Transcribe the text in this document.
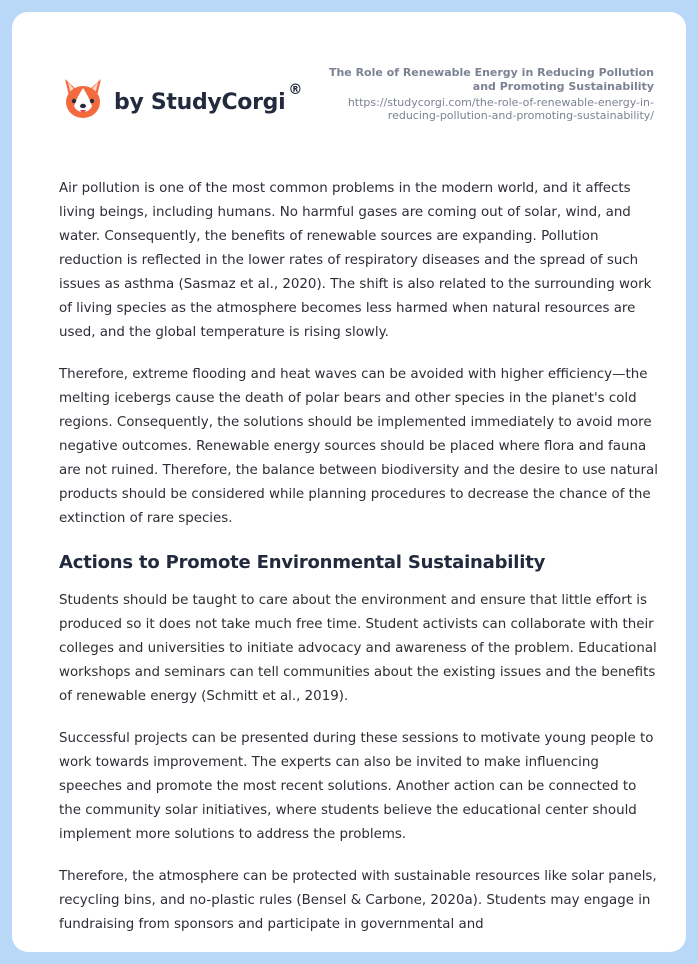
by StudyCorgi ®
The Role of Renewable Energy in Reducing Pollution and Promoting Sustainability
https://studycorgi.com/the-role-of-renewable-energy-in-reducing-pollution-and-promoting-sustainability/

Air pollution is one of the most common problems in the modern world, and it affects living beings, including humans. No harmful gases are coming out of solar, wind, and water. Consequently, the benefits of renewable sources are expanding. Pollution reduction is reflected in the lower rates of respiratory diseases and the spread of such issues as asthma (Sasmaz et al., 2020). The shift is also related to the surrounding work of living species as the atmosphere becomes less harmed when natural resources are used, and the global temperature is rising slowly.

Therefore, extreme flooding and heat waves can be avoided with higher efficiency—the melting icebergs cause the death of polar bears and other species in the planet's cold regions. Consequently, the solutions should be implemented immediately to avoid more negative outcomes. Renewable energy sources should be placed where flora and fauna are not ruined. Therefore, the balance between biodiversity and the desire to use natural products should be considered while planning procedures to decrease the chance of the extinction of rare species.

Actions to Promote Environmental Sustainability

Students should be taught to care about the environment and ensure that little effort is produced so it does not take much free time. Student activists can collaborate with their colleges and universities to initiate advocacy and awareness of the problem. Educational workshops and seminars can tell communities about the existing issues and the benefits of renewable energy (Schmitt et al., 2019).

Successful projects can be presented during these sessions to motivate young people to work towards improvement. The experts can also be invited to make influencing speeches and promote the most recent solutions. Another action can be connected to the community solar initiatives, where students believe the educational center should implement more solutions to address the problems.

Therefore, the atmosphere can be protected with sustainable resources like solar panels, recycling bins, and no-plastic rules (Bensel & Carbone, 2020a). Students may engage in fundraising from sponsors and participate in governmental and
